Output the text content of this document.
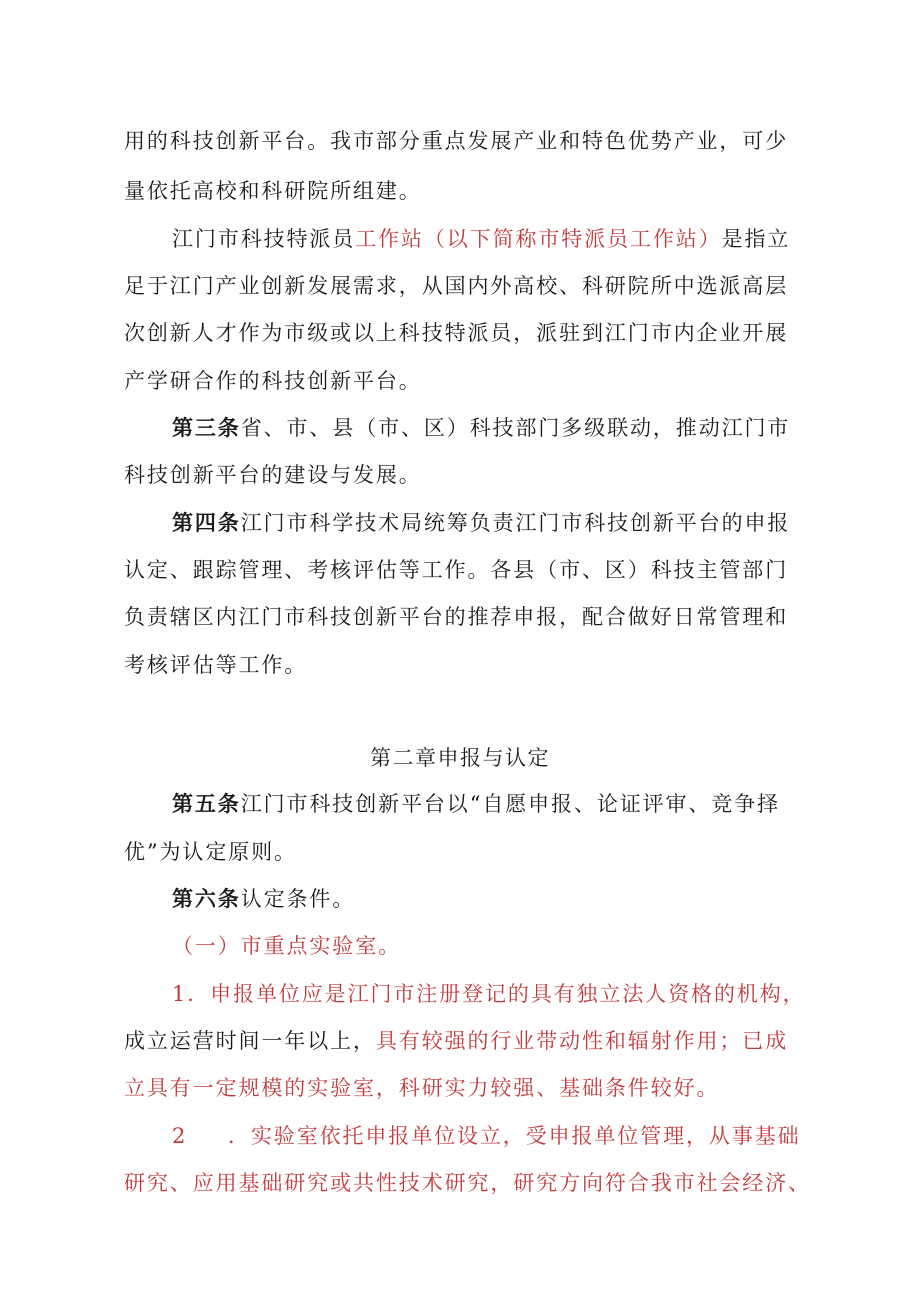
用的科技创新平台。我市部分重点发展产业和特色优势产业，可少
量依托高校和科研院所组建。
江门市科技特派员工作站（以下简称市特派员工作站）是指立
足于江门产业创新发展需求，从国内外高校、科研院所中选派高层
次创新人才作为市级或以上科技特派员，派驻到江门市内企业开展
产学研合作的科技创新平台。
第三条省、市、县（市、区）科技部门多级联动，推动江门市
科技创新平台的建设与发展。
第四条江门市科学技术局统筹负责江门市科技创新平台的申报
认定、跟踪管理、考核评估等工作。各县（市、区）科技主管部门
负责辖区内江门市科技创新平台的推荐申报，配合做好日常管理和
考核评估等工作。
第二章申报与认定
第五条江门市科技创新平台以“自愿申报、论证评审、竞争择
优”为认定原则。
第六条认定条件。
（一）市重点实验室。
1．申报单位应是江门市注册登记的具有独立法人资格的机构，
成立运营时间一年以上，具有较强的行业带动性和辐射作用；已成
立具有一定规模的实验室，科研实力较强、基础条件较好。
2 ．实验室依托申报单位设立，受申报单位管理，从事基础
研究、应用基础研究或共性技术研究，研究方向符合我市社会经济、
